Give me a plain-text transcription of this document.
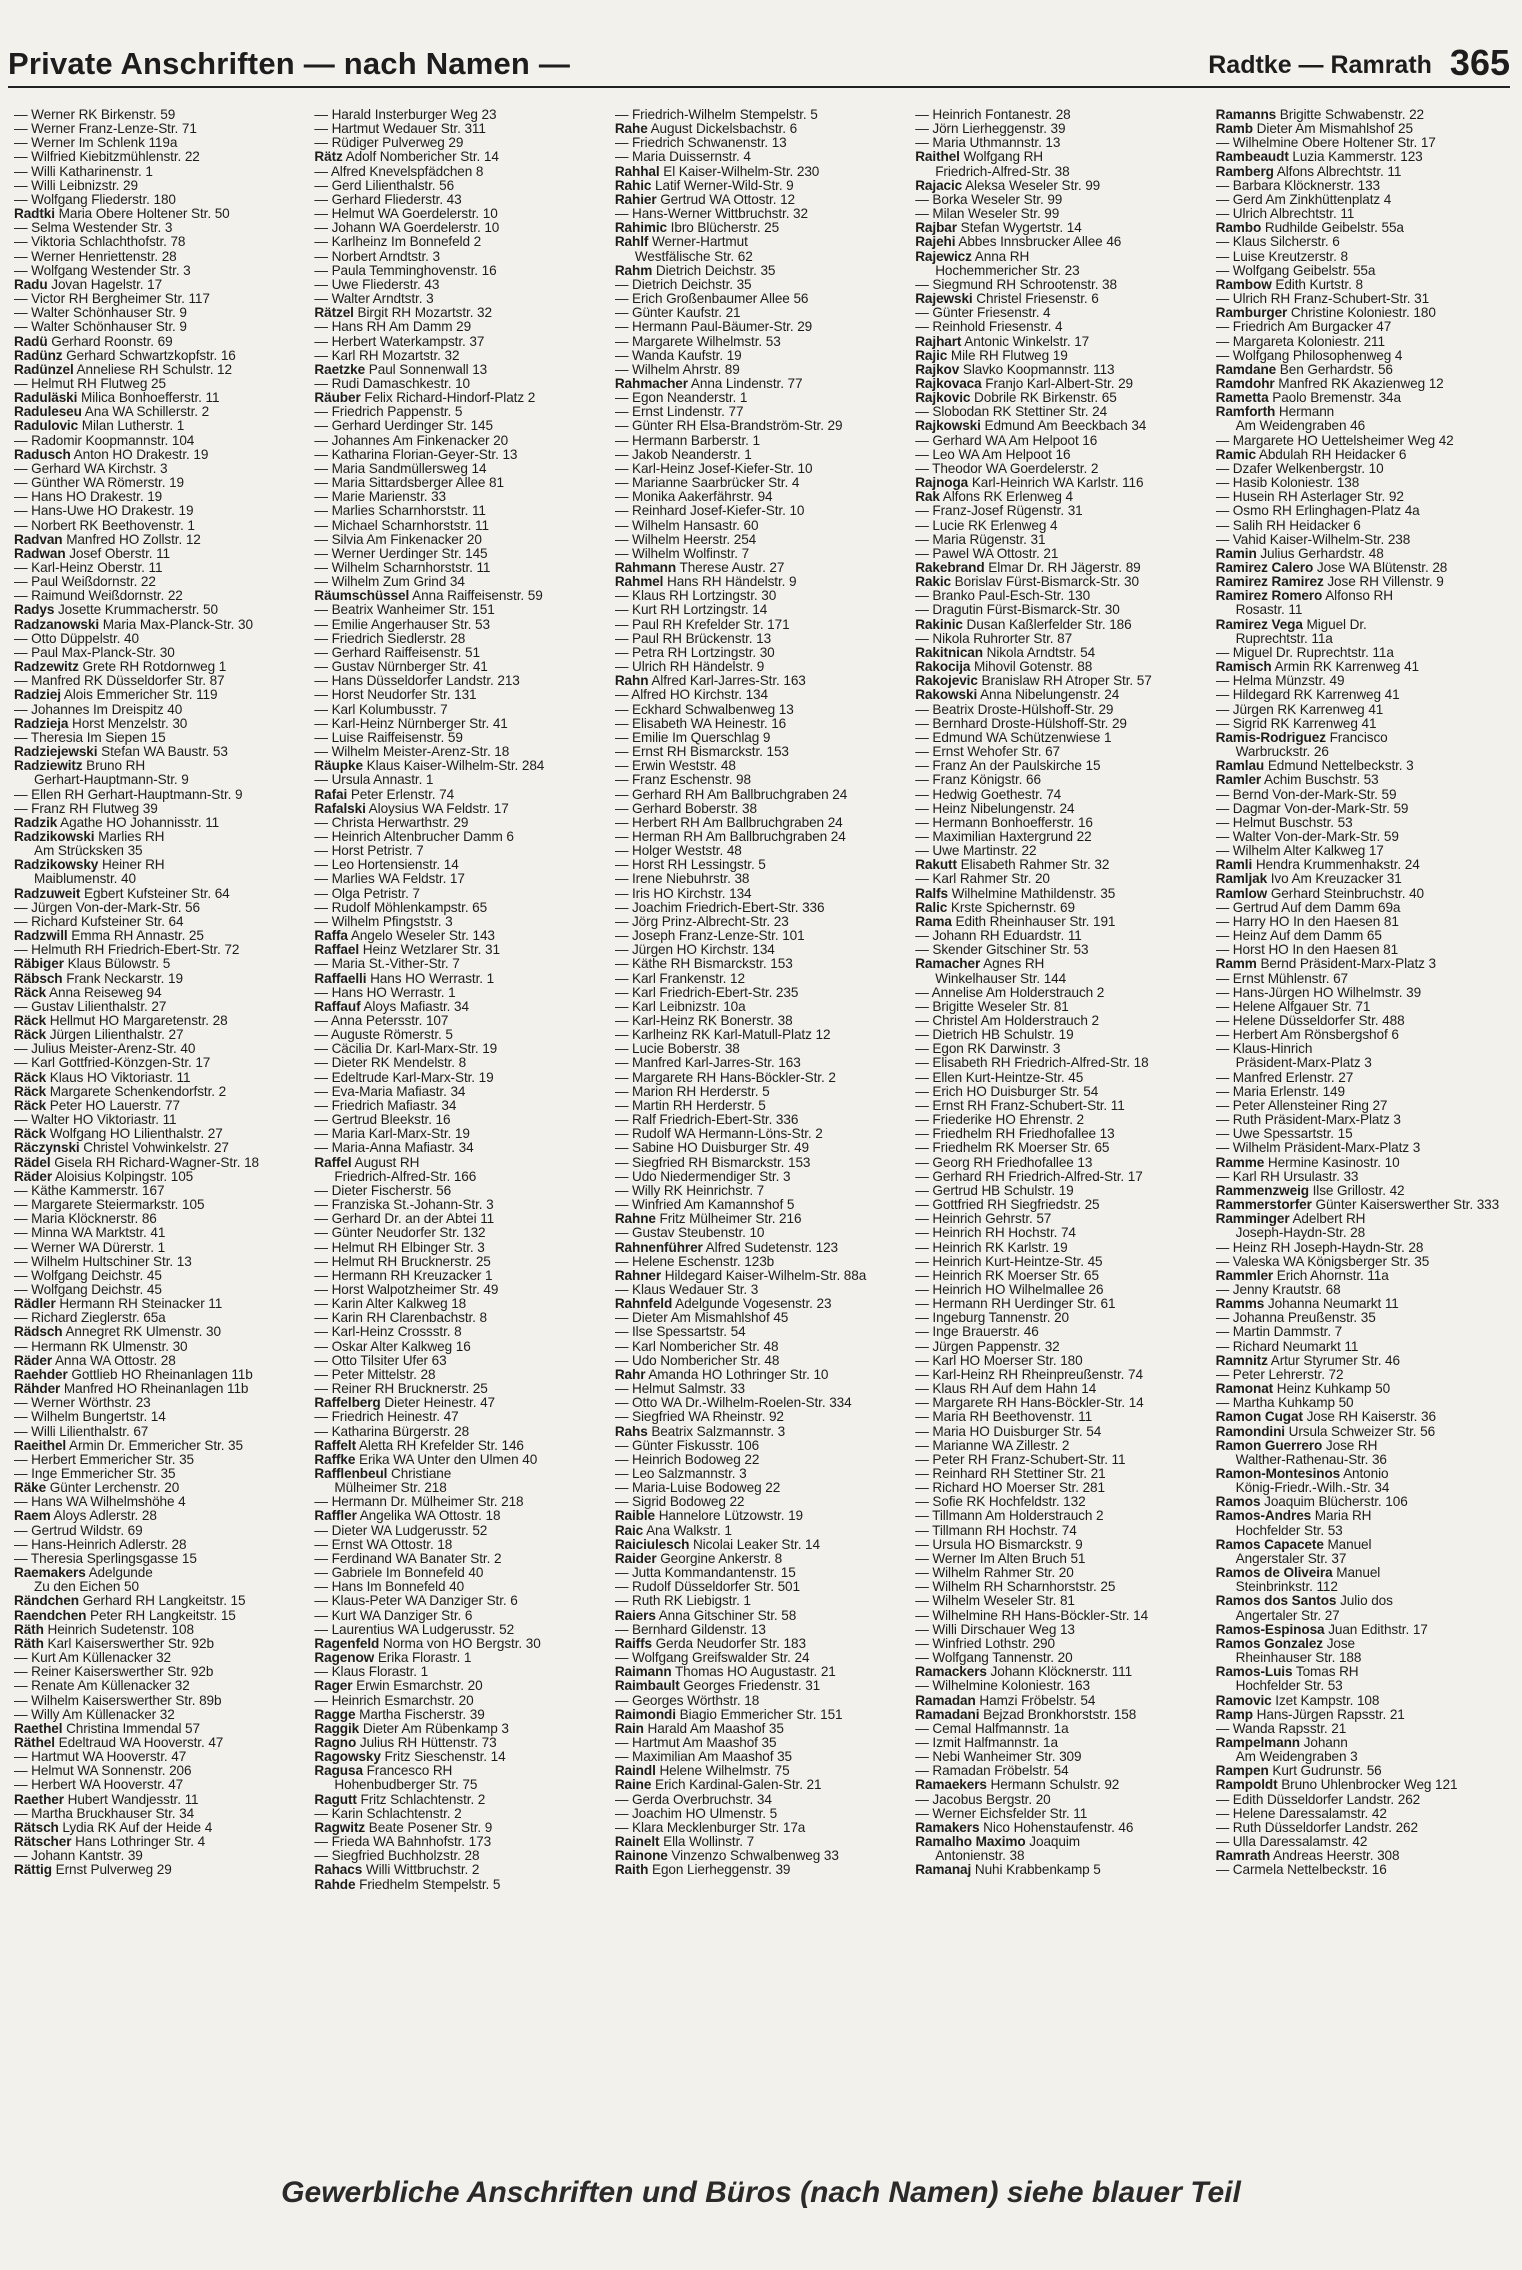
Private Anschriften — nach Namen —	Radtke — Ramrath 365
— Werner RK Birkenstr. 59
— Werner Franz-Lenze-Str. 71
— Werner Im Schlenk 119a
— Wilfried Kiebitzmühlenstr. 22
— Willi Katharinenstr. 1
— Willi Leibnizstr. 29
— Wolfgang Fliederstr. 180
Radtki Maria Obere Holtener Str. 50
— Selma Westender Str. 3
— Viktoria Schlachthofstr. 78
— Werner Henriettenstr. 28
— Wolfgang Westender Str. 3
Radu Jovan Hagelstr. 17
— Victor RH Bergheimer Str. 117
— Walter Schönhauser Str. 9
— Walter Schönhauser Str. 9
Radü Gerhard Roonstr. 69
Radünz Gerhard Schwartzkopfstr. 16
Radünzel Anneliese RH Schulstr. 12
— Helmut RH Flutweg 25
Raduläski Milica Bonhoefferstr. 11
Raduleseu Ana WA Schillerstr. 2
Radulovic Milan Lutherstr. 1
— Radomir Koopmannstr. 104
Radusch Anton HO Drakestr. 19
— Gerhard WA Kirchstr. 3
— Günther WA Römerstr. 19
— Hans HO Drakestr. 19
— Hans-Uwe HO Drakestr. 19
— Norbert RK Beethovenstr. 1
Radvan Manfred HO Zollstr. 12
Radwan Josef Oberstr. 11
— Karl-Heinz Oberstr. 11
— Paul Weißdornstr. 22
— Raimund Weißdornstr. 22
Radys Josette Krummacherstr. 50
Radzanowski Maria Max-Planck-Str. 30
— Otto Düppelstr. 40
— Paul Max-Planck-Str. 30
Radzewitz Grete RH Rotdornweg 1
— Manfred RK Düsseldorfer Str. 87
Radziej Alois Emmericher Str. 119
— Johannes Im Dreispitz 40
Radzieja Horst Menzelstr. 30
— Theresia Im Siepen 15
Radziejewski Stefan WA Baustr. 53
Radziewitz Bruno RH
Gerhart-Hauptmann-Str. 9
— Ellen RH Gerhart-Hauptmann-Str. 9
— Franz RH Flutweg 39
Radzik Agathe HO Johannisstr. 11
Radzikowski Marlies RH
Am Strückskeп 35
Radzikowsky Heiner RH
Maiblumenstr. 40
Radzuweit Egbert Kufsteiner Str. 64
— Jürgen Von-der-Mark-Str. 56
— Richard Kufsteiner Str. 64
Radzwill Emma RH Annastr. 25
— Helmuth RH Friedrich-Ebert-Str. 72
Räbiger Klaus Bülowstr. 5
Räbsch Frank Neckarstr. 19
Räck Anna Reiseweg 94
— Gustav Lilienthalstr. 27
Räck Hellmut HO Margaretenstr. 28
Räck Jürgen Lilienthalstr. 27
— Julius Meister-Arenz-Str. 40
— Karl Gottfried-Könzgen-Str. 17
Räck Klaus HO Viktoriastr. 11
Räck Margarete Schenkendorfstr. 2
Räck Peter HO Lauerstr. 77
— Walter HO Viktoriastr. 11
Räck Wolfgang HO Lilienthalstr. 27
Räczynski Christel Vohwinkelstr. 27
Rädel Gisela RH Richard-Wagner-Str. 18
Räder Aloisius Kolpingstr. 105
— Käthe Kammerstr. 167
— Margarete Steiermarkstr. 105
— Maria Klöcknerstr. 86
— Minna WA Marktstr. 41
— Werner WA Dürerstr. 1
— Wilhelm Hultschiner Str. 13
— Wolfgang Deichstr. 45
— Wolfgang Deichstr. 45
Rädler Hermann RH Steinacker 11
— Richard Zieglerstr. 65a
Rädsch Annegret RK Ulmenstr. 30
— Hermann RK Ulmenstr. 30
Räder Anna WA Ottostr. 28
Raehder Gottlieb HO Rheinanlagen 11b
Rähder Manfred HO Rheinanlagen 11b
— Werner Wörthstr. 23
— Wilhelm Bungertstr. 14
— Willi Lilienthalstr. 67
Raeithel Armin Dr. Emmericher Str. 35
— Herbert Emmericher Str. 35
— Inge Emmericher Str. 35
Räke Günter Lerchenstr. 20
— Hans WA Wilhelmshöhe 4
Raem Aloys Adlerstr. 28
— Gertrud Wildstr. 69
— Hans-Heinrich Adlerstr. 28
— Theresia Sperlingsgasse 15
Raemakers Adelgunde
Zu den Eichen 50
Rändchen Gerhard RH Langkeitstr. 15
Raendchen Peter RH Langkeitstr. 15
Räth Heinrich Sudetenstr. 108
Räth Karl Kaiserswerther Str. 92b
— Kurt Am Küllenacker 32
— Reiner Kaiserswerther Str. 92b
— Renate Am Küllenacker 32
— Wilhelm Kaiserswerther Str. 89b
— Willy Am Küllenacker 32
Raethel Christina Immendal 57
Räthel Edeltraud WA Hooverstr. 47
— Hartmut WA Hooverstr. 47
— Helmut WA Sonnenstr. 206
— Herbert WA Hooverstr. 47
Raether Hubert Wandjesstr. 11
— Martha Bruckhauser Str. 34
Rätsch Lydia RK Auf der Heide 4
Rätscher Hans Lothringer Str. 4
— Johann Kantstr. 39
Rättig Ernst Pulverweg 29
— Harald Insterburger Weg 23
— Hartmut Wedauer Str. 311
— Rüdiger Pulverweg 29
Rätz Adolf Nombericher Str. 14
— Alfred Knevelspfädchen 8
— Gerd Lilienthalstr. 56
— Gerhard Fliederstr. 43
— Helmut WA Goerdelerstr. 10
— Johann WA Goerdelerstr. 10
— Karlheinz Im Bonnefeld 2
— Norbert Arndtstr. 3
— Paula Temminghovenstr. 16
— Uwe Fliederstr. 43
— Walter Arndtstr. 3
Rätzel Birgit RH Mozartstr. 32
— Hans RH Am Damm 29
— Herbert Waterkampstr. 37
— Karl RH Mozartstr. 32
Raetzke Paul Sonnenwall 13
— Rudi Damaschkestr. 10
Räuber Felix Richard-Hindorf-Platz 2
— Friedrich Pappenstr. 5
— Gerhard Uerdinger Str. 145
— Johannes Am Finkenacker 20
— Katharina Florian-Geyer-Str. 13
— Maria Sandmüllersweg 14
— Maria Sittardsberger Allee 81
— Marie Marienstr. 33
— Marlies Scharnhorststr. 11
— Michael Scharnhorststr. 11
— Silvia Am Finkenacker 20
— Werner Uerdinger Str. 145
— Wilhelm Scharnhorststr. 11
— Wilhelm Zum Grind 34
Räumschüssel Anna Raiffeisenstr. 59
— Beatrix Wanheimer Str. 151
— Emilie Angerhauser Str. 53
— Friedrich Siedlerstr. 28
— Gerhard Raiffeisenstr. 51
— Gustav Nürnberger Str. 41
— Hans Düsseldorfer Landstr. 213
— Horst Neudorfer Str. 131
— Karl Kolumbusstr. 7
— Karl-Heinz Nürnberger Str. 41
— Luise Raiffeisenstr. 59
— Wilhelm Meister-Arenz-Str. 18
Räupke Klaus Kaiser-Wilhelm-Str. 284
— Ursula Annastr. 1
Rafai Peter Erlenstr. 74
Rafalski Aloysius WA Feldstr. 17
— Christa Herwarthstr. 29
— Heinrich Altenbrucher Damm 6
— Horst Petristr. 7
— Leo Hortensienstr. 14
— Marlies WA Feldstr. 17
— Olga Petristr. 7
— Rudolf Möhlenkampstr. 65
— Wilhelm Pfingststr. 3
Raffa Angelo Weseler Str. 143
Raffael Heinz Wetzlarer Str. 31
— Maria St.-Vither-Str. 7
Raffaelli Hans HO Werrastr. 1
— Hans HO Werrastr. 1
Raffauf Aloys Mafiastr. 34
— Anna Petersstr. 107
— Auguste Römerstr. 5
— Cäcilia Dr. Karl-Marx-Str. 19
— Dieter RK Mendelstr. 8
— Edeltrude Karl-Marx-Str. 19
— Eva-Maria Mafiastr. 34
— Friedrich Mafiastr. 34
— Gertrud Bleekstr. 16
— Maria Karl-Marx-Str. 19
— Maria-Anna Mafiastr. 34
Raffel August RH
Friedrich-Alfred-Str. 166
— Dieter Fischerstr. 56
— Franziska St.-Johann-Str. 3
— Gerhard Dr. an der Abtei 11
— Günter Neudorfer Str. 132
— Helmut RH Elbinger Str. 3
— Helmut RH Brucknerstr. 25
— Hermann RH Kreuzacker 1
— Horst Walpotzheimer Str. 49
— Karin Alter Kalkweg 18
— Karin RH Clarenbachstr. 8
— Karl-Heinz Crossstr. 8
— Oskar Alter Kalkweg 16
— Otto Tilsiter Ufer 63
— Peter Mittelstr. 28
— Reiner RH Brucknerstr. 25
Raffelberg Dieter Heinestr. 47
— Friedrich Heinestr. 47
— Katharina Bürgerstr. 28
Raffelt Aletta RH Krefelder Str. 146
Raffke Erika WA Unter den Ulmen 40
Rafflenbeul Christiane
Mülheimer Str. 218
— Hermann Dr. Mülheimer Str. 218
Raffler Angelika WA Ottostr. 18
— Dieter WA Ludgerusstr. 52
— Ernst WA Ottostr. 18
— Ferdinand WA Banater Str. 2
— Gabriele Im Bonnefeld 40
— Hans Im Bonnefeld 40
— Klaus-Peter WA Danziger Str. 6
— Kurt WA Danziger Str. 6
— Laurentius WA Ludgerusstr. 52
Ragenfeld Norma von HO Bergstr. 30
Ragenow Erika Florastr. 1
— Klaus Florastr. 1
Rager Erwin Esmarchstr. 20
— Heinrich Esmarchstr. 20
Ragge Martha Fischerstr. 39
Raggik Dieter Am Rübenkamp 3
Ragno Julius RH Hüttenstr. 73
Ragowsky Fritz Sieschenstr. 14
Ragusa Francesco RH
Hohenbudberger Str. 75
Ragutt Fritz Schlachtenstr. 2
— Karin Schlachtenstr. 2
Ragwitz Beate Posener Str. 9
— Frieda WA Bahnhofstr. 173
— Siegfried Buchholzstr. 28
Rahacs Willi Wittbruchstr. 2
Rahde Friedhelm Stempelstr. 5
— Friedrich-Wilhelm Stempelstr. 5
Rahe August Dickelsbachstr. 6
— Friedrich Schwanenstr. 13
— Maria Duissernstr. 4
Rahhal El Kaiser-Wilhelm-Str. 230
Rahic Latif Werner-Wild-Str. 9
Rahier Gertrud WA Ottostr. 12
— Hans-Werner Wittbruchstr. 32
Rahimic Ibro Blücherstr. 25
Rahlf Werner-Hartmut
Westfälische Str. 62
Rahm Dietrich Deichstr. 35
— Dietrich Deichstr. 35
— Erich Großenbaumer Allee 56
— Günter Kaufstr. 21
— Hermann Paul-Bäumer-Str. 29
— Margarete Wilhelmstr. 53
— Wanda Kaufstr. 19
— Wilhelm Ahrstr. 89
Rahmacher Anna Lindenstr. 77
— Egon Neanderstr. 1
— Ernst Lindenstr. 77
— Günter RH Elsa-Brandström-Str. 29
— Hermann Barberstr. 1
— Jakob Neanderstr. 1
— Karl-Heinz Josef-Kiefer-Str. 10
— Marianne Saarbrücker Str. 4
— Monika Aakerfährstr. 94
— Reinhard Josef-Kiefer-Str. 10
— Wilhelm Hansastr. 60
— Wilhelm Heerstr. 254
— Wilhelm Wolfinstr. 7
Rahmann Therese Austr. 27
Rahmel Hans RH Händelstr. 9
— Klaus RH Lortzingstr. 30
— Kurt RH Lortzingstr. 14
— Paul RH Krefelder Str. 171
— Paul RH Brückenstr. 13
— Petra RH Lortzingstr. 30
— Ulrich RH Händelstr. 9
Rahn Alfred Karl-Jarres-Str. 163
— Alfred HO Kirchstr. 134
— Eckhard Schwalbenweg 13
— Elisabeth WA Heinestr. 16
— Emilie Im Querschlag 9
— Ernst RH Bismarckstr. 153
— Erwin Weststr. 48
— Franz Eschenstr. 98
— Gerhard RH Am Ballbruchgraben 24
— Gerhard Boberstr. 38
— Herbert RH Am Ballbruchgraben 24
— Herman RH Am Ballbruchgraben 24
— Holger Weststr. 48
— Horst RH Lessingstr. 5
— Irene Niebuhrstr. 38
— Iris HO Kirchstr. 134
— Joachim Friedrich-Ebert-Str. 336
— Jörg Prinz-Albrecht-Str. 23
— Joseph Franz-Lenze-Str. 101
— Jürgen HO Kirchstr. 134
— Käthe RH Bismarckstr. 153
— Karl Frankenstr. 12
— Karl Friedrich-Ebert-Str. 235
— Karl Leibnizstr. 10a
— Karl-Heinz RK Bonerstr. 38
— Karlheinz RK Karl-Matull-Platz 12
— Lucie Boberstr. 38
— Manfred Karl-Jarres-Str. 163
— Margarete RH Hans-Böckler-Str. 2
— Marion RH Herderstr. 5
— Martin RH Herderstr. 5
— Ralf Friedrich-Ebert-Str. 336
— Rudolf WA Hermann-Löns-Str. 2
— Sabine HO Duisburger Str. 49
— Siegfried RH Bismarckstr. 153
— Udo Niedermendiger Str. 3
— Willy RK Heinrichstr. 7
— Winfried Am Kamannshof 5
Rahne Fritz Mülheimer Str. 216
— Gustav Steubenstr. 10
Rahnenführer Alfred Sudetenstr. 123
— Helene Eschenstr. 123b
Rahner Hildegard Kaiser-Wilhelm-Str. 88a
— Klaus Wedauer Str. 3
Rahnfeld Adelgunde Vogesenstr. 23
— Dieter Am Mismahlshof 45
— Ilse Spessartstr. 54
— Karl Nomberichеr Str. 48
— Udo Nomberichеr Str. 48
Rahr Amanda HO Lothringer Str. 10
— Helmut Salmstr. 33
— Otto WA Dr.-Wilhelm-Roelen-Str. 334
— Siegfried WA Rheinstr. 92
Rahs Beatrix Salzmannstr. 3
— Günter Fiskusstr. 106
— Heinrich Bodoweg 22
— Leo Salzmannstr. 3
— Maria-Luise Bodoweg 22
— Sigrid Bodoweg 22
Raible Hannelore Lützowstr. 19
Raic Ana Walkstr. 1
Raiciulesch Nicolai Leaker Str. 14
Raider Georgine Ankerstr. 8
— Jutta Kommandantenstr. 15
— Rudolf Düsseldorfer Str. 501
— Ruth RK Liebigstr. 1
Raiers Anna Gitschiner Str. 58
— Bernhard Gildenstr. 13
Raiffs Gerda Neudorfer Str. 183
— Wolfgang Greifswalder Str. 24
Raimann Thomas HO Augustastr. 21
Raimbault Georges Friedenstr. 31
— Georges Wörthstr. 18
Raimondi Biagio Emmericher Str. 151
Rain Harald Am Maashof 35
— Hartmut Am Maashof 35
— Maximilian Am Maashof 35
Raindl Helene Wilhelmstr. 75
Raine Erich Kardinal-Galen-Str. 21
— Gerda Overbruchstr. 34
— Joachim HO Ulmenstr. 5
— Klara Mecklenburger Str. 17a
Rainelt Ella Wollinstr. 7
Rainone Vinzenzo Schwalbenweg 33
Raith Egon Lierheggenstr. 39
— Heinrich Fontanestr. 28
— Jörn Lierheggenstr. 39
— Maria Uthmannstr. 13
Raithel Wolfgang RH
Friedrich-Alfred-Str. 38
Rajacic Aleksa Weseler Str. 99
— Borka Weseler Str. 99
— Milan Weseler Str. 99
Rajbar Stefan Wygertstr. 14
Rajehi Abbes Innsbrucker Allee 46
Rajewicz Anna RH
Hochemmericher Str. 23
— Siegmund RH Schrootenstr. 38
Rajewski Christel Friesenstr. 6
— Günter Friesenstr. 4
— Reinhold Friesenstr. 4
Rajhart Antonic Winkelstr. 17
Rajic Mile RH Flutweg 19
Rajkov Slavko Koopmannstr. 113
Rajkovaca Franjo Karl-Albert-Str. 29
Rajkovic Dobrile RK Birkenstr. 65
— Slobodan RK Stettiner Str. 24
Rajkowski Edmund Am Beeckbach 34
— Gerhard WA Am Helpoot 16
— Leo WA Am Helpoot 16
— Theodor WA Goerdelerstr. 2
Rajnoga Karl-Heinrich WA Karlstr. 116
Rak Alfons RK Erlenweg 4
— Franz-Josef Rügenstr. 31
— Lucie RK Erlenweg 4
— Maria Rügenstr. 31
— Pawel WA Ottostr. 21
Rakebrand Elmar Dr. RH Jägerstr. 89
Rakic Borislav Fürst-Bismarck-Str. 30
— Branko Paul-Esch-Str. 130
— Dragutin Fürst-Bismarck-Str. 30
Rakinic Dusan Kaßlerfelder Str. 186
— Nikola Ruhrorter Str. 87
Rakitnican Nikola Arndtstr. 54
Rakocija Mihovil Gotenstr. 88
Rakojevic Branislaw RH Atroper Str. 57
Rakowski Anna Nibelungenstr. 24
— Beatrix Droste-Hülshoff-Str. 29
— Bernhard Droste-Hülshoff-Str. 29
— Edmund WA Schützenwiese 1
— Ernst Wehofer Str. 67
— Franz An der Paulskirche 15
— Franz Königstr. 66
— Hedwig Goethestr. 74
— Heinz Nibelungenstr. 24
— Hermann Bonhoefferstr. 16
— Maximilian Haxtergrund 22
— Uwe Martinstr. 22
Rakutt Elisabeth Rahmer Str. 32
— Karl Rahmer Str. 20
Ralfs Wilhelmine Mathildenstr. 35
Ralic Krste Spichernstr. 69
Rama Edith Rheinhauser Str. 191
— Johann RH Eduardstr. 11
— Skender Gitschiner Str. 53
Ramacher Agnes RH
Winkelhauser Str. 144
— Annelise Am Holderstrauch 2
— Brigitte Weseler Str. 81
— Christel Am Holderstrauch 2
— Dietrich HB Schulstr. 19
— Egon RK Darwinstr. 3
— Elisabeth RH Friedrich-Alfred-Str. 18
— Ellen Kurt-Heintze-Str. 45
— Erich HO Duisburger Str. 54
— Ernst RH Franz-Schubert-Str. 11
— Friederike HO Ehrenstr. 2
— Friedhelm RH Friedhofallee 13
— Friedhelm RK Moerser Str. 65
— Georg RH Friedhofallee 13
— Gerhard RH Friedrich-Alfred-Str. 17
— Gertrud HB Schulstr. 19
— Gottfried RH Siegfriedstr. 25
— Heinrich Gehrstr. 57
— Heinrich RH Hochstr. 74
— Heinrich RK Karlstr. 19
— Heinrich Kurt-Heintze-Str. 45
— Heinrich RK Moerser Str. 65
— Heinrich HO Wilhelmallee 26
— Hermann RH Uerdinger Str. 61
— Ingeburg Tannenstr. 20
— Inge Brauerstr. 46
— Jürgen Pappenstr. 32
— Karl HO Moerser Str. 180
— Karl-Heinz RH Rheinpreußenstr. 74
— Klaus RH Auf dem Hahn 14
— Margarete RH Hans-Böckler-Str. 14
— Maria RH Beethovenstr. 11
— Maria HO Duisburger Str. 54
— Marianne WA Zillestr. 2
— Peter RH Franz-Schubert-Str. 11
— Reinhard RH Stettiner Str. 21
— Richard HO Moerser Str. 281
— Sofie RK Hochfeldstr. 132
— Tillmann Am Holderstrauch 2
— Tillmann RH Hochstr. 74
— Ursula HO Bismarckstr. 9
— Werner Im Alten Bruch 51
— Wilhelm Rahmer Str. 20
— Wilhelm RH Scharnhorststr. 25
— Wilhelm Weseler Str. 81
— Wilhelmine RH Hans-Böckler-Str. 14
— Willi Dirschauer Weg 13
— Winfried Lothstr. 290
— Wolfgang Tannenstr. 20
Ramackers Johann Klöcknerstr. 111
— Wilhelmine Koloniestr. 163
Ramadan Hamzi Fröbelstr. 54
Ramadani Bejzad Bronkhorststr. 158
— Cemal Halfmannstr. 1a
— Izmit Halfmannstr. 1a
— Nebi Wanheimer Str. 309
— Ramadan Fröbelstr. 54
Ramaekers Hermann Schulstr. 92
— Jacobus Bergstr. 20
— Werner Eichsfelder Str. 11
Ramakers Nico Hohenstaufenstr. 46
Ramalho Maximo Joaquim
Antonienstr. 38
Ramanaj Nuhi Krabbenkamp 5
Ramanns Brigitte Schwabenstr. 22
Ramb Dieter Am Mismahlshof 25
— Wilhelmine Obere Holtener Str. 17
Rambeaudt Luzia Kammerstr. 123
Ramberg Alfons Albrechtstr. 11
— Barbara Klöcknerstr. 133
— Gerd Am Zinkhüttenplatz 4
— Ulrich Albrechtstr. 11
Rambo Rudhilde Geibelstr. 55a
— Klaus Silcherstr. 6
— Luise Kreutzerstr. 8
— Wolfgang Geibelstr. 55a
Rambow Edith Kurtstr. 8
— Ulrich RH Franz-Schubert-Str. 31
Ramburger Christine Koloniestr. 180
— Friedrich Am Burgacker 47
— Margareta Koloniestr. 211
— Wolfgang Philosophenweg 4
Ramdane Ben Gerhardstr. 56
Ramdohr Manfred RK Akazienweg 12
Rametta Paolo Bremenstr. 34a
Ramforth Hermann
Am Weidengraben 46
— Margarete HO Uettelsheimer Weg 42
Ramic Abdulah RH Heidacker 6
— Dzafer Welkenbergstr. 10
— Hasib Koloniestr. 138
— Husein RH Asterlager Str. 92
— Osmo RH Erlinghagen-Platz 4a
— Salih RH Heidacker 6
— Vahid Kaiser-Wilhelm-Str. 238
Ramin Julius Gerhardstr. 48
Ramirez Calero Jose WA Blütenstr. 28
Ramirez Ramirez Jose RH Villenstr. 9
Ramirez Romero Alfonso RH
Rosastr. 11
Ramirez Vega Miguel Dr.
Ruprechtstr. 11a
— Miguel Dr. Ruprechtstr. 11a
Ramisch Armin RK Karrenweg 41
— Helma Münzstr. 49
— Hildegard RK Karrenweg 41
— Jürgen RK Karrenweg 41
— Sigrid RK Karrenweg 41
Ramis-Rodriguez Francisco
Warbruckstr. 26
Ramlau Edmund Nettelbeckstr. 3
Ramler Achim Buschstr. 53
— Bernd Von-der-Mark-Str. 59
— Dagmar Von-der-Mark-Str. 59
— Helmut Buschstr. 53
— Walter Von-der-Mark-Str. 59
— Wilhelm Alter Kalkweg 17
Ramli Hendra Krummenhakstr. 24
Ramljak Ivo Am Kreuzacker 31
Ramlow Gerhard Steinbruchstr. 40
— Gertrud Auf dem Damm 69a
— Harry HO In den Haesen 81
— Heinz Auf dem Damm 65
— Horst HO In den Haesen 81
Ramm Bernd Präsident-Marx-Platz 3
— Ernst Mühlenstr. 67
— Hans-Jürgen HO Wilhelmstr. 39
— Helene Alfgauer Str. 71
— Helene Düsseldorfer Str. 488
— Herbert Am Rönsbergshof 6
— Klaus-Hinrich
Präsident-Marx-Platz 3
— Manfred Erlenstr. 27
— Maria Erlenstr. 149
— Peter Allensteiner Ring 27
— Ruth Präsident-Marx-Platz 3
— Uwe Spessartstr. 15
— Wilhelm Präsident-Marx-Platz 3
Ramme Hermine Kasinostr. 10
— Karl RH Ursulastr. 33
Rammenzweig Ilse Grillostr. 42
Rammerstorfer Günter Kaiserswerther Str. 333
Ramminger Adelbert RH
Joseph-Haydn-Str. 28
— Heinz RH Joseph-Haydn-Str. 28
— Valeska WA Königsberger Str. 35
Rammler Erich Ahornstr. 11a
— Jenny Krautstr. 68
Ramms Johanna Neumarkt 11
— Johanna Preußenstr. 35
— Martin Dammstr. 7
— Richard Neumarkt 11
Ramnitz Artur Styrumer Str. 46
— Peter Lehrerstr. 72
Ramonat Heinz Kuhkamp 50
— Martha Kuhkamp 50
Ramon Cugat Jose RH Kaiserstr. 36
Ramondini Ursula Schweizer Str. 56
Ramon Guerrero Jose RH
Walther-Rathenau-Str. 36
Ramon-Montesinos Antonio
König-Friedr.-Wilh.-Str. 34
Ramos Joaquim Blücherstr. 106
Ramos-Andres Maria RH
Hochfelder Str. 53
Ramos Capacete Manuel
Angerstaler Str. 37
Ramos de Oliveira Manuel
Steinbrinkstr. 112
Ramos dos Santos Julio dos
Angertaler Str. 27
Ramos-Espinosa Juan Edithstr. 17
Ramos Gonzalez Jose
Rheinhauser Str. 188
Ramos-Luis Tomas RH
Hochfelder Str. 53
Ramovic Izet Kampstr. 108
Ramp Hans-Jürgen Rapsstr. 21
— Wanda Rapsstr. 21
Rampelmann Johann
Am Weidengraben 3
Rampen Kurt Gudrunstr. 56
Rampoldt Bruno Uhlenbrocker Weg 121
— Edith Düsseldorfer Landstr. 262
— Helene Daressalamstr. 42
— Ruth Düsseldorfer Landstr. 262
— Ulla Daressalamstr. 42
Ramrath Andreas Heerstr. 308
— Carmela Nettelbeckstr. 16
Gewerbliche Anschriften und Büros (nach Namen) siehe blauer Teil
